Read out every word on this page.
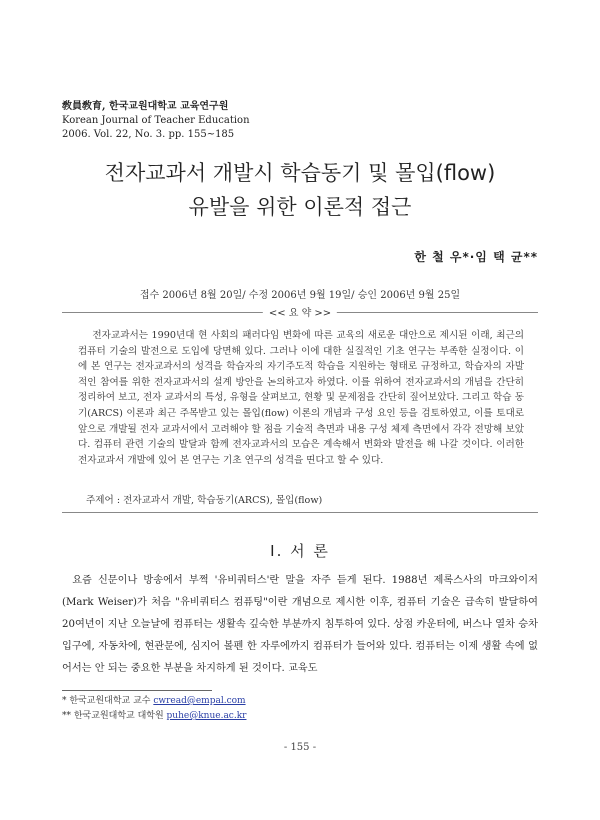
敎員敎育, 한국교원대학교 교육연구원
Korean Journal of Teacher Education
2006. Vol. 22, No. 3. pp. 155~185
전자교과서 개발시 학습동기 및 몰입(flow)
유발을 위한 이론적 접근
한 철 우*·임 택 균**
접수 2006년 8월 20일/ 수정 2006년 9월 19일/ 승인 2006년 9월 25일
<< 요 약 >>
전자교과서는 1990년대 현 사회의 패러다임 변화에 따른 교육의 새로운 대안으로 제시된 이래, 최근의 컴퓨터 기술의 발전으로 도입에 당면해 있다. 그러나 이에 대한 실질적인 기초 연구는 부족한 실정이다. 이에 본 연구는 전자교과서의 성격을 학습자의 자기주도적 학습을 지원하는 형태로 규정하고, 학습자의 자발적인 참여를 위한 전자교과서의 설계 방안을 논의하고자 하였다. 이를 위하여 전자교과서의 개념을 간단히 정리하여 보고, 전자 교과서의 특성, 유형을 살펴보고, 현황 및 문제점을 간단히 짚어보았다. 그리고 학습 동기(ARCS) 이론과 최근 주목받고 있는 몰입(flow) 이론의 개념과 구성 요인 등을 검토하였고, 이를 토대로 앞으로 개발될 전자 교과서에서 고려해야 할 점을 기술적 측면과 내용 구성 체제 측면에서 각각 전망해 보았다. 컴퓨터 관련 기술의 발달과 함께 전자교과서의 모습은 계속해서 변화와 발전을 해 나갈 것이다. 이러한 전자교과서 개발에 있어 본 연구는 기초 연구의 성격을 띤다고 할 수 있다.
주제어 : 전자교과서 개발, 학습동기(ARCS), 몰입(flow)
Ⅰ. 서 론
요즘 신문이나 방송에서 부쩍 '유비쿼터스'란 말을 자주 듣게 된다. 1988년 제록스사의 마크와이저(Mark Weiser)가 처음 "유비쿼터스 컴퓨팅"이란 개념으로 제시한 이후, 컴퓨터 기술은 급속히 발달하여 20여년이 지난 오늘날에 컴퓨터는 생활속 깊숙한 부분까지 침투하여 있다. 상점 카운터에, 버스나 열차 승차 입구에, 자동차에, 현관문에, 심지어 볼펜 한 자루에까지 컴퓨터가 들어와 있다. 컴퓨터는 이제 생활 속에 없어서는 안 되는 중요한 부분을 차지하게 된 것이다. 교육도
* 한국교원대학교 교수 cwread@empal.com
** 한국교원대학교 대학원 puhe@knue.ac.kr
- 155 -
